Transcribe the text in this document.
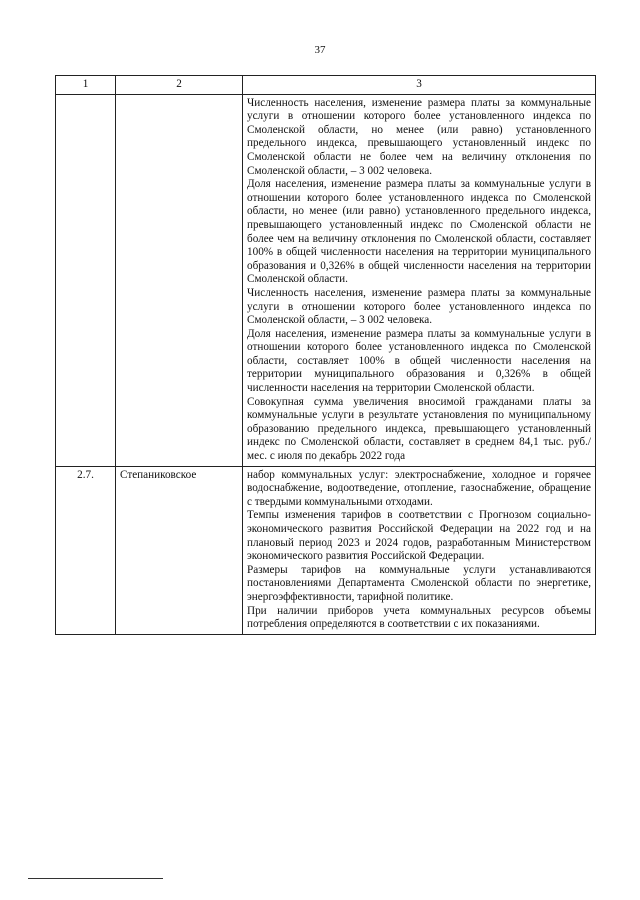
37
1	2	3

		Численность населения, изменение размера платы за коммунальные услуги в отношении которого более установленного индекса по Смоленской области, но менее (или равно) установленного предельного индекса, превышающего установленный индекс по Смоленской области не более чем на величину отклонения по Смоленской области, – 3 002 человека.

Доля населения, изменение размера платы за коммунальные услуги в отношении которого более установленного индекса по Смоленской области, но менее (или равно) установленного предельного индекса, превышающего установленный индекс по Смоленской области не более чем на величину отклонения по Смоленской области, составляет 100% в общей численности населения на территории муниципального образования и 0,326% в общей численности населения на территории Смоленской области.

Численность населения, изменение размера платы за коммунальные услуги в отношении которого более установленного индекса по Смоленской области, – 3 002 человека.

Доля населения, изменение размера платы за коммунальные услуги в отношении которого более установленного индекса по Смоленской области, составляет 100% в общей численности населения на территории муниципального образования и 0,326% в общей численности населения на территории Смоленской области.

Совокупная сумма увеличения вносимой гражданами платы за коммунальные услуги в результате установления по муниципальному образованию предельного индекса, превышающего установленный индекс по Смоленской области, составляет в среднем 84,1 тыс. руб./мес. с июля по декабрь 2022 года

2.7.	Степаниковское	набор коммунальных услуг: электроснабжение, холодное и горячее водоснабжение, водоотведение, отопление, газоснабжение, обращение с твердыми коммунальными отходами.

Темпы изменения тарифов в соответствии с Прогнозом социально-экономического развития Российской Федерации на 2022 год и на плановый период 2023 и 2024 годов, разработанным Министерством экономического развития Российской Федерации.

Размеры тарифов на коммунальные услуги устанавливаются постановлениями Департамента Смоленской области по энергетике, энергоэффективности, тарифной политике.

При наличии приборов учета коммунальных ресурсов объемы потребления определяются в соответствии с их показаниями.
